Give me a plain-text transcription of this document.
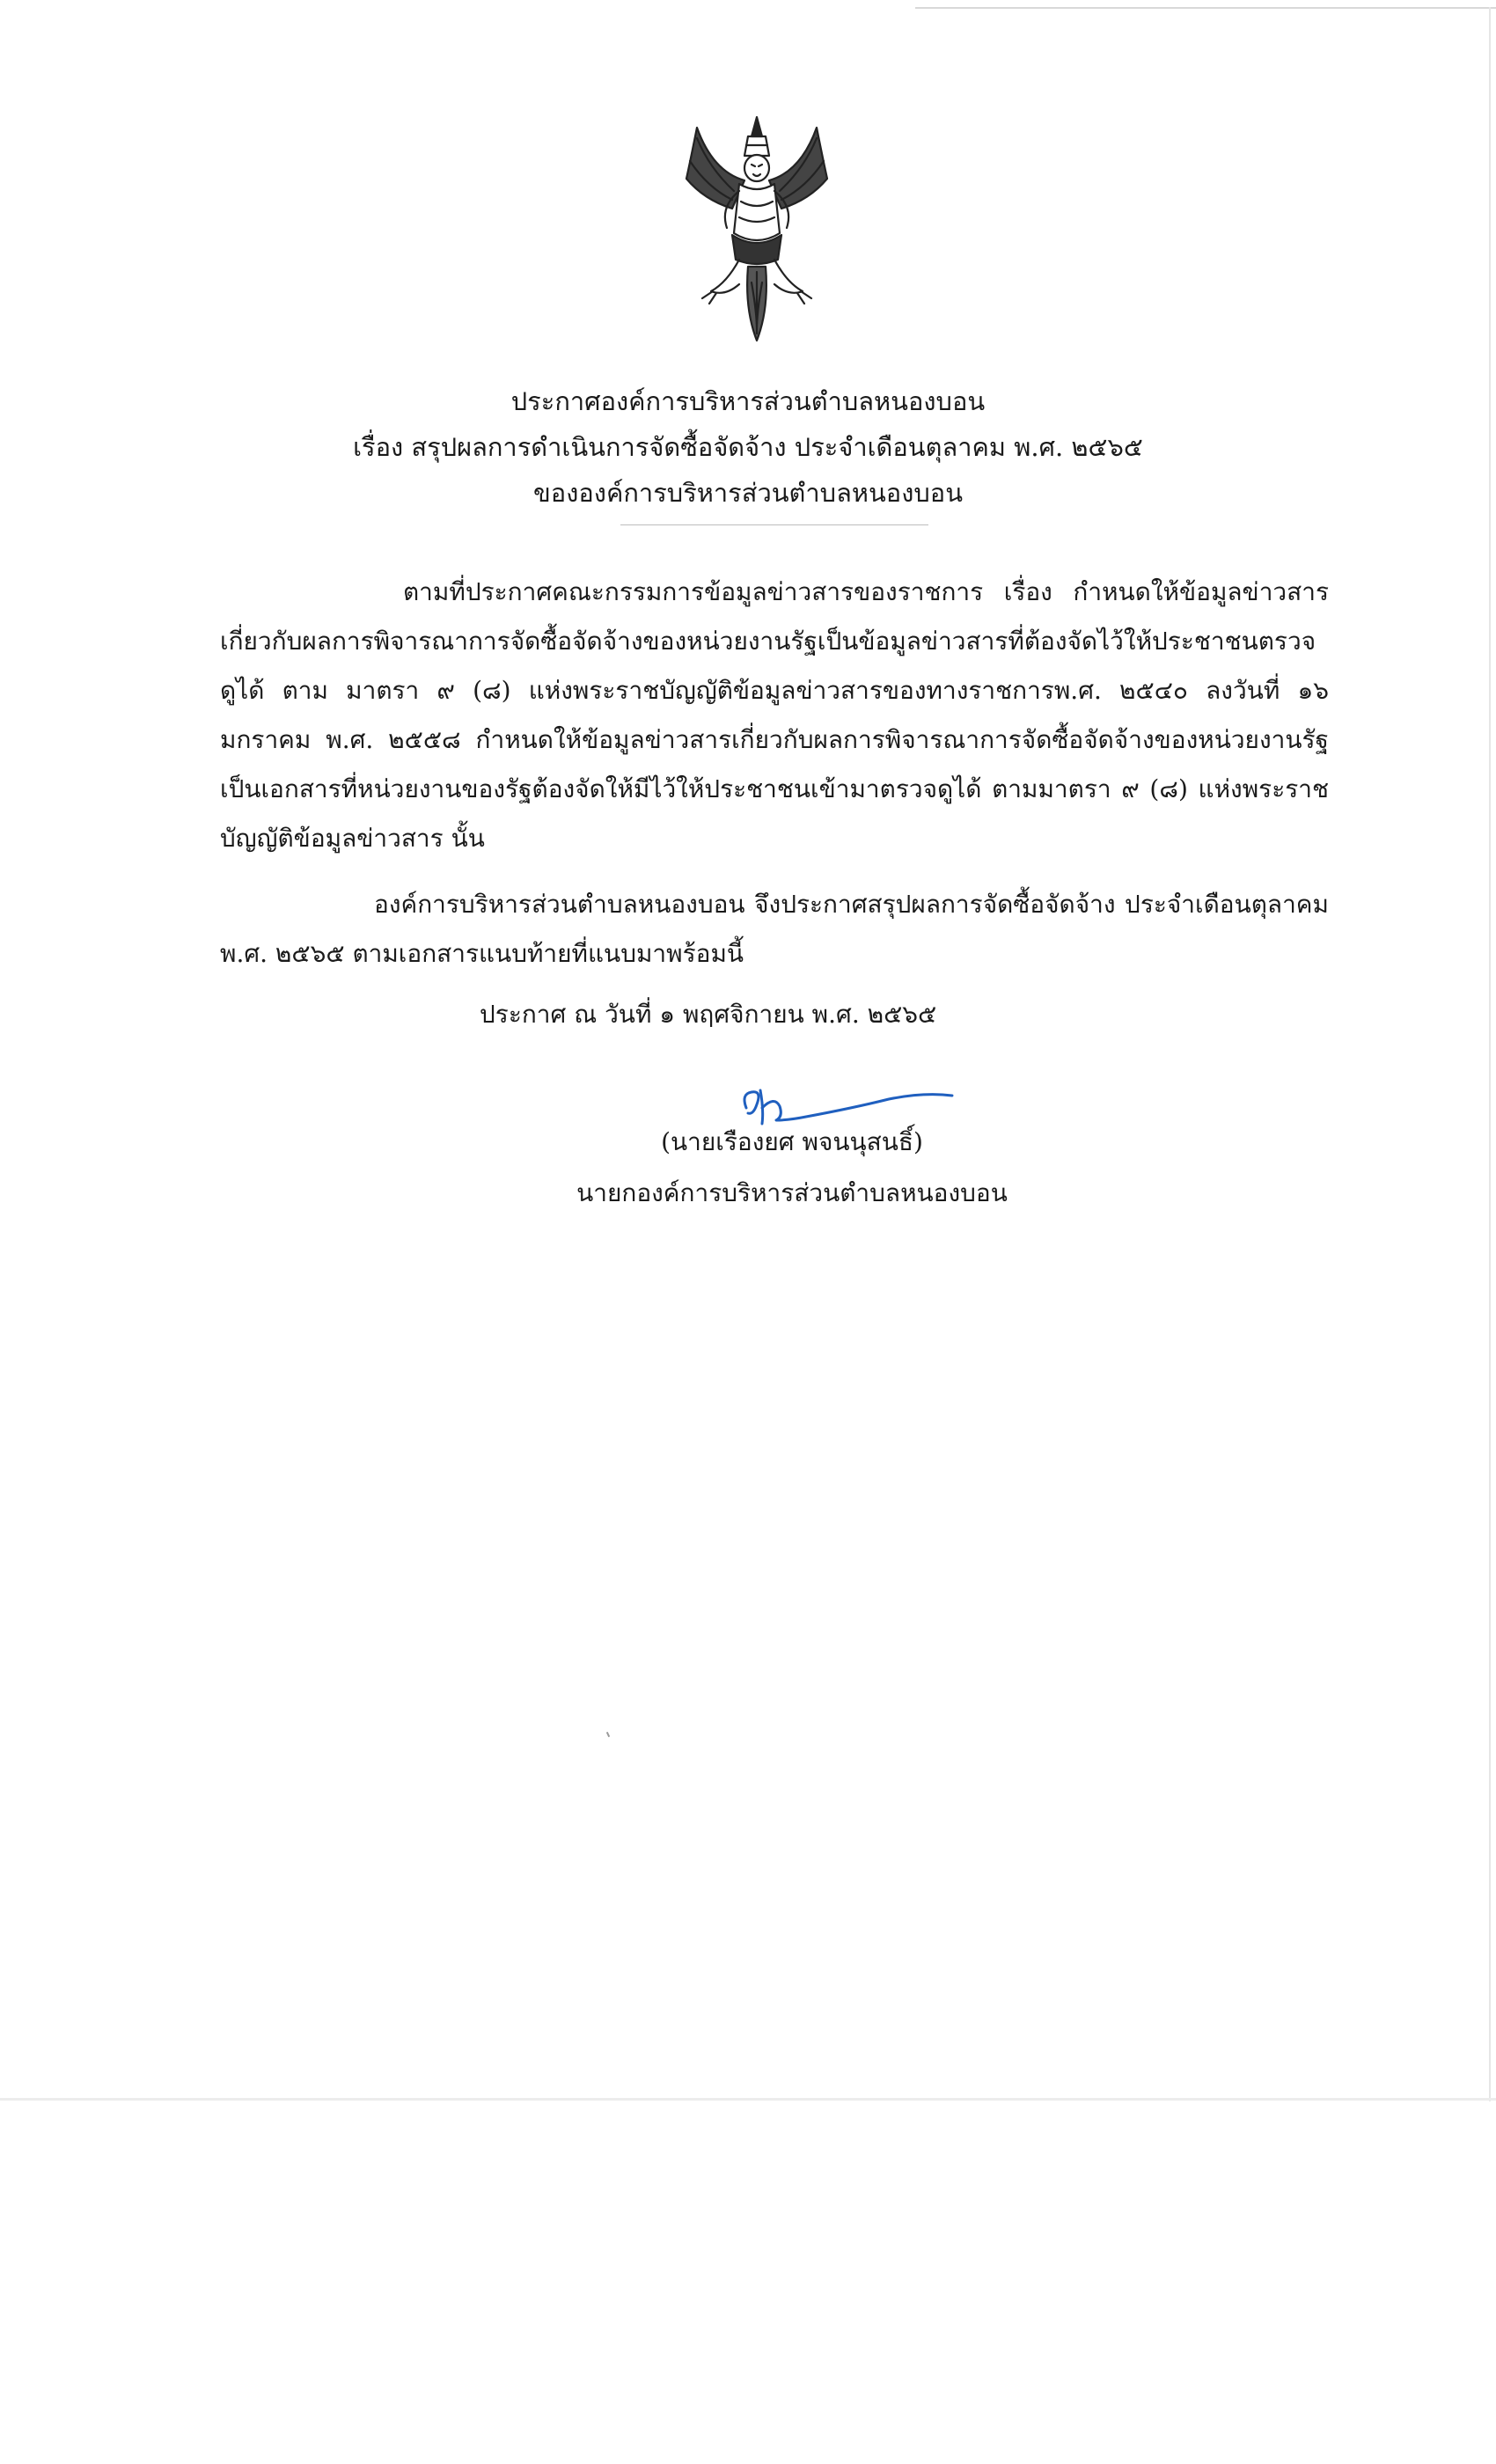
ประกาศองค์การบริหารส่วนตำบลหนองบอน
เรื่อง สรุปผลการดำเนินการจัดซื้อจัดจ้าง ประจำเดือนตุลาคม พ.ศ. ๒๕๖๕
ขององค์การบริหารส่วนตำบลหนองบอน

ตามที่ประกาศคณะกรรมการข้อมูลข่าวสารของราชการ เรื่อง กำหนดให้ข้อมูลข่าวสารเกี่ยวกับผลการพิจารณาการจัดซื้อจัดจ้างของหน่วยงานรัฐเป็นข้อมูลข่าวสารที่ต้องจัดไว้ให้ประชาชนตรวจดูได้ ตาม มาตรา ๙ (๘) แห่งพระราชบัญญัติข้อมูลข่าวสารของทางราชการพ.ศ. ๒๕๔๐ ลงวันที่ ๑๖ มกราคม พ.ศ. ๒๕๕๘ กำหนดให้ข้อมูลข่าวสารเกี่ยวกับผลการพิจารณาการจัดซื้อจัดจ้างของหน่วยงานรัฐเป็นเอกสารที่หน่วยงานของรัฐต้องจัดให้มีไว้ให้ประชาชนเข้ามาตรวจดูได้ ตามมาตรา ๙ (๘) แห่งพระราชบัญญัติข้อมูลข่าวสาร นั้น

องค์การบริหารส่วนตำบลหนองบอน จึงประกาศสรุปผลการจัดซื้อจัดจ้าง ประจำเดือนตุลาคม พ.ศ. ๒๕๖๕ ตามเอกสารแนบท้ายที่แนบมาพร้อมนี้

ประกาศ ณ วันที่ ๑ พฤศจิกายน พ.ศ. ๒๕๖๕
(นายเรืองยศ พจนนุสนธิ์)
นายกองค์การบริหารส่วนตำบลหนองบอน
